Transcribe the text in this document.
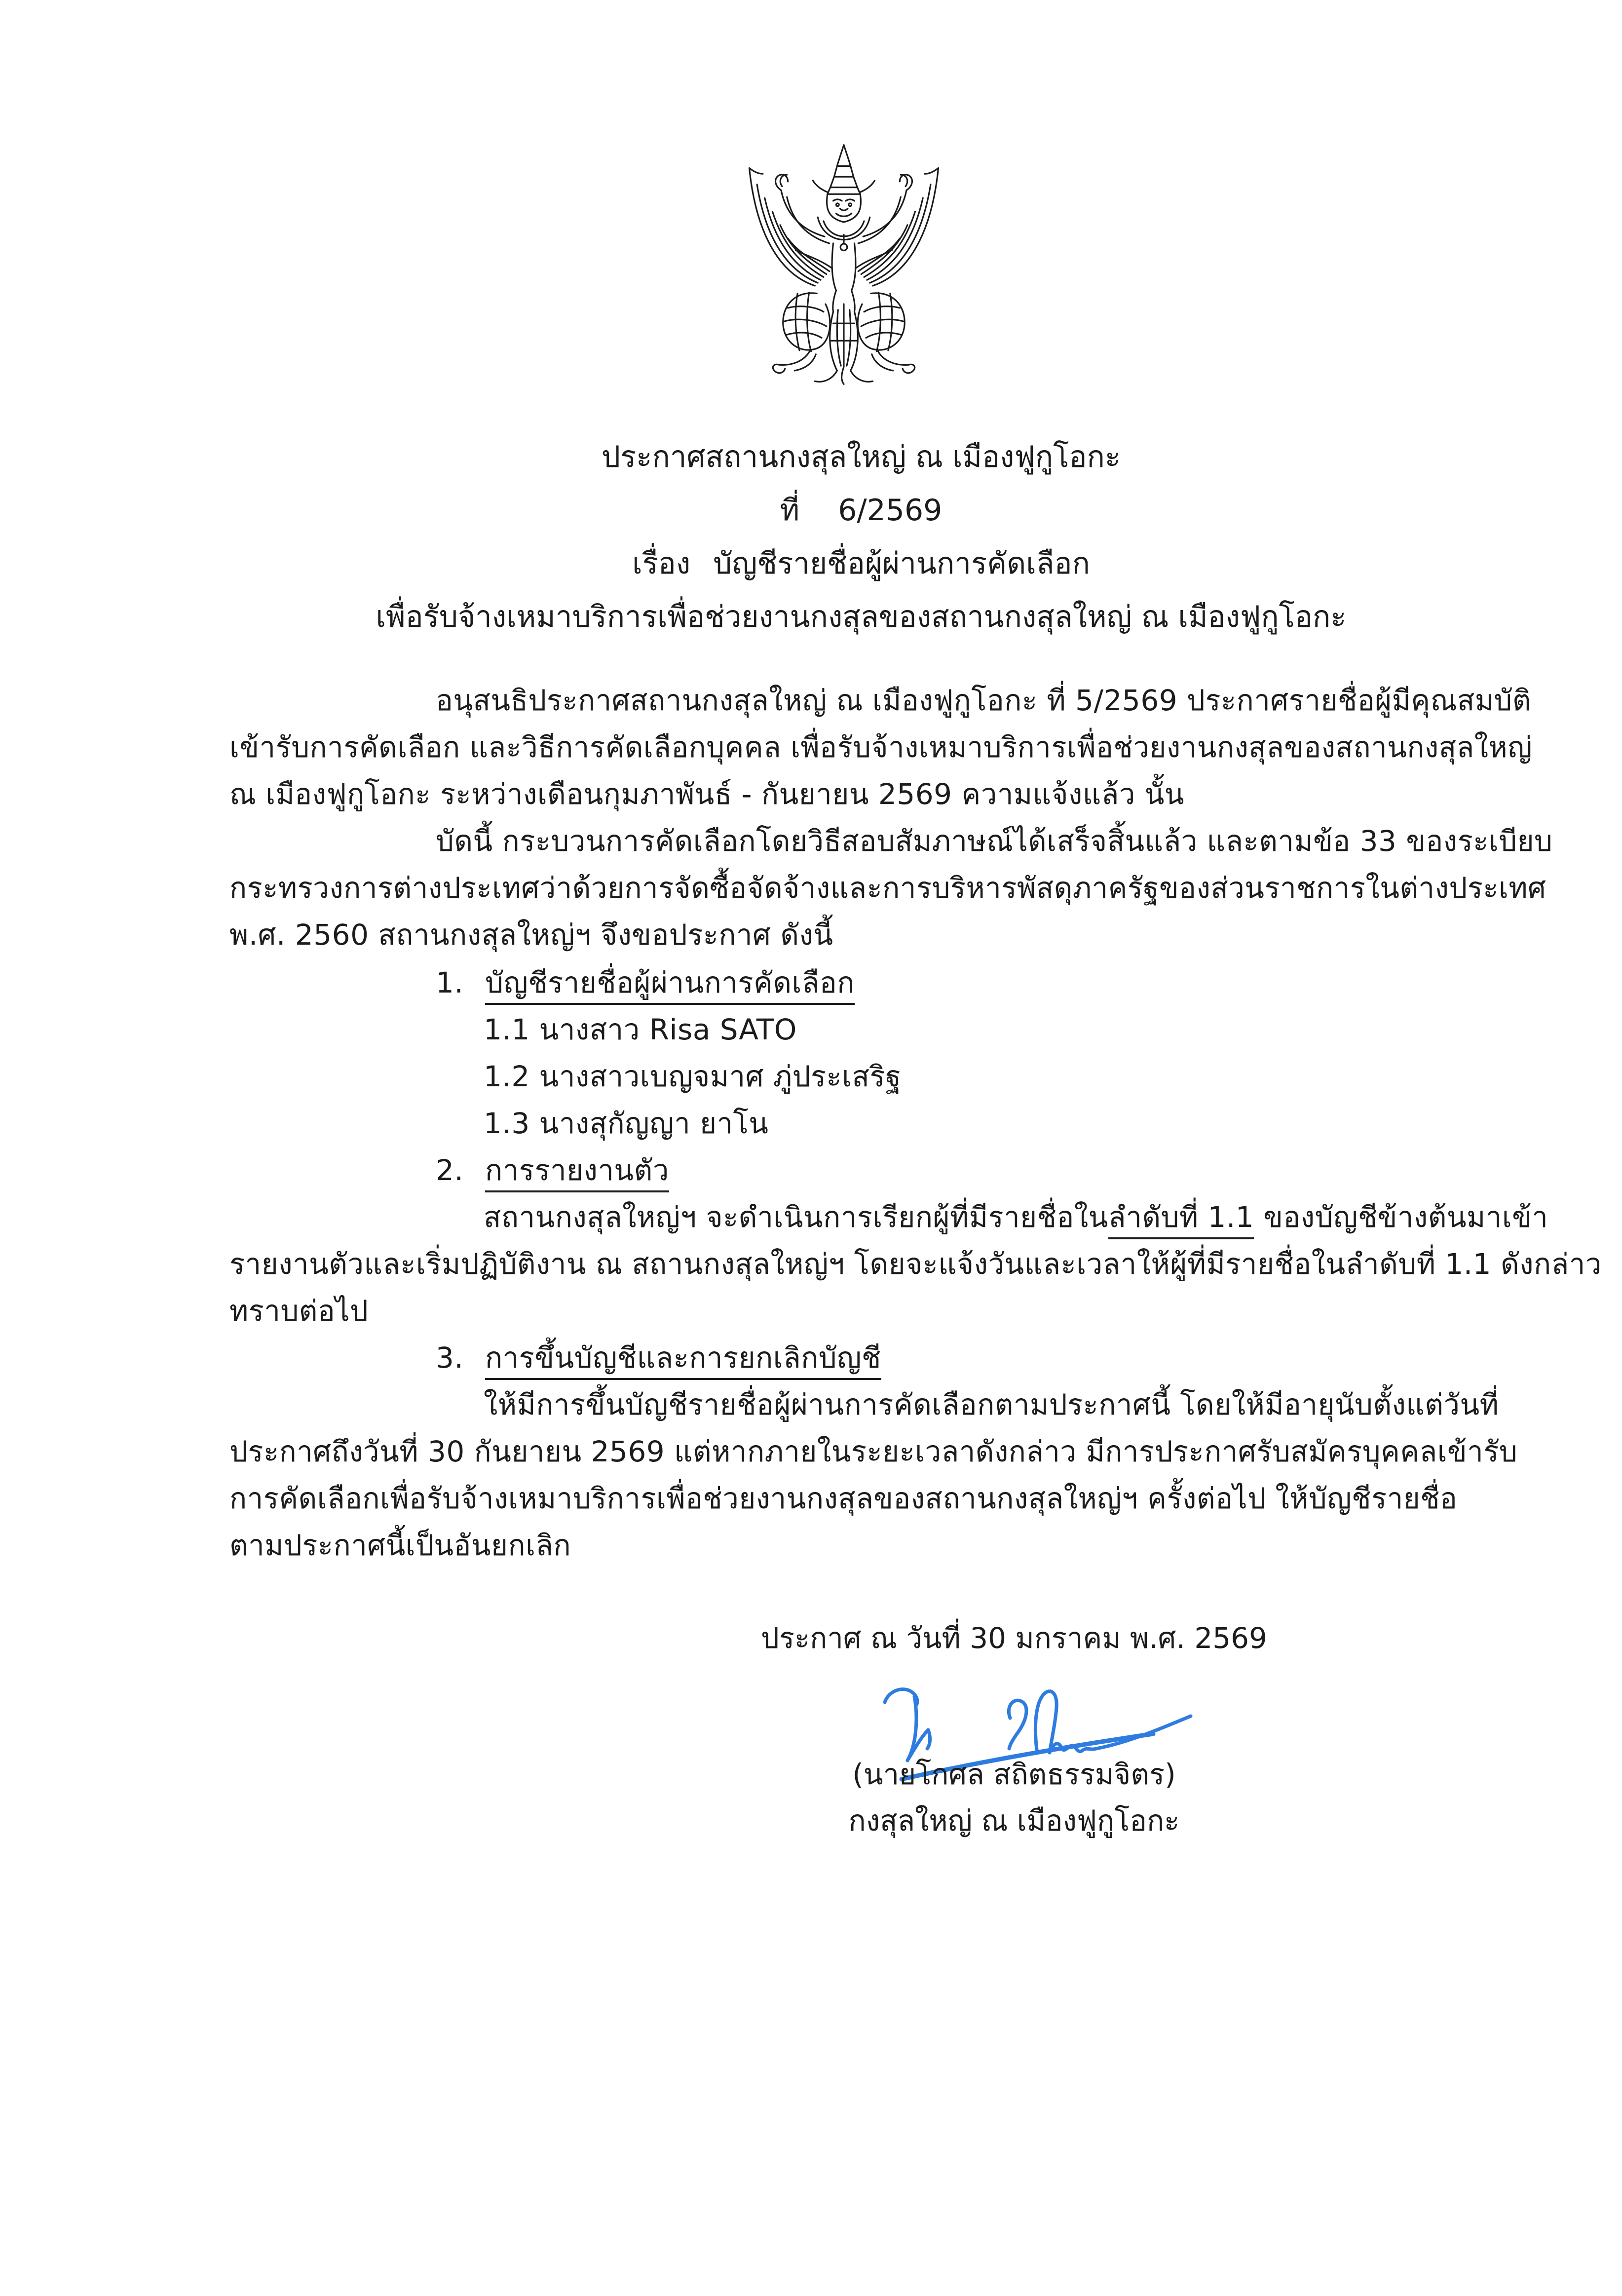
ประกาศสถานกงสุลใหญ่ ณ เมืองฟูกูโอกะ
ที่ 6/2569
เรื่อง บัญชีรายชื่อผู้ผ่านการคัดเลือก
เพื่อรับจ้างเหมาบริการเพื่อช่วยงานกงสุลของสถานกงสุลใหญ่ ณ เมืองฟูกูโอกะ
อนุสนธิประกาศสถานกงสุลใหญ่ ณ เมืองฟูกูโอกะ ที่ 5/2569 ประกาศรายชื่อผู้มีคุณสมบัติ
เข้ารับการคัดเลือก และวิธีการคัดเลือกบุคคล เพื่อรับจ้างเหมาบริการเพื่อช่วยงานกงสุลของสถานกงสุลใหญ่
ณ เมืองฟูกูโอกะ ระหว่างเดือนกุมภาพันธ์ - กันยายน 2569 ความแจ้งแล้ว นั้น
บัดนี้ กระบวนการคัดเลือกโดยวิธีสอบสัมภาษณ์ได้เสร็จสิ้นแล้ว และตามข้อ 33 ของระเบียบ
กระทรวงการต่างประเทศว่าด้วยการจัดซื้อจัดจ้างและการบริหารพัสดุภาครัฐของส่วนราชการในต่างประเทศ
พ.ศ. 2560 สถานกงสุลใหญ่ฯ จึงขอประกาศ ดังนี้
1. บัญชีรายชื่อผู้ผ่านการคัดเลือก
1.1 นางสาว Risa SATO
1.2 นางสาวเบญจมาศ ภู่ประเสริฐ
1.3 นางสุกัญญา ยาโน
2. การรายงานตัว
สถานกงสุลใหญ่ฯ จะดำเนินการเรียกผู้ที่มีรายชื่อในลำดับที่ 1.1 ของบัญชีข้างต้นมาเข้า
รายงานตัวและเริ่มปฏิบัติงาน ณ สถานกงสุลใหญ่ฯ โดยจะแจ้งวันและเวลาให้ผู้ที่มีรายชื่อในลำดับที่ 1.1 ดังกล่าว
ทราบต่อไป
3. การขึ้นบัญชีและการยกเลิกบัญชี
ให้มีการขึ้นบัญชีรายชื่อผู้ผ่านการคัดเลือกตามประกาศนี้ โดยให้มีอายุนับตั้งแต่วันที่
ประกาศถึงวันที่ 30 กันยายน 2569 แต่หากภายในระยะเวลาดังกล่าว มีการประกาศรับสมัครบุคคลเข้ารับ
การคัดเลือกเพื่อรับจ้างเหมาบริการเพื่อช่วยงานกงสุลของสถานกงสุลใหญ่ฯ ครั้งต่อไป ให้บัญชีรายชื่อ
ตามประกาศนี้เป็นอันยกเลิก
ประกาศ ณ วันที่ 30 มกราคม พ.ศ. 2569
(นายโกศล สถิตธรรมจิตร)
กงสุลใหญ่ ณ เมืองฟูกูโอกะ
